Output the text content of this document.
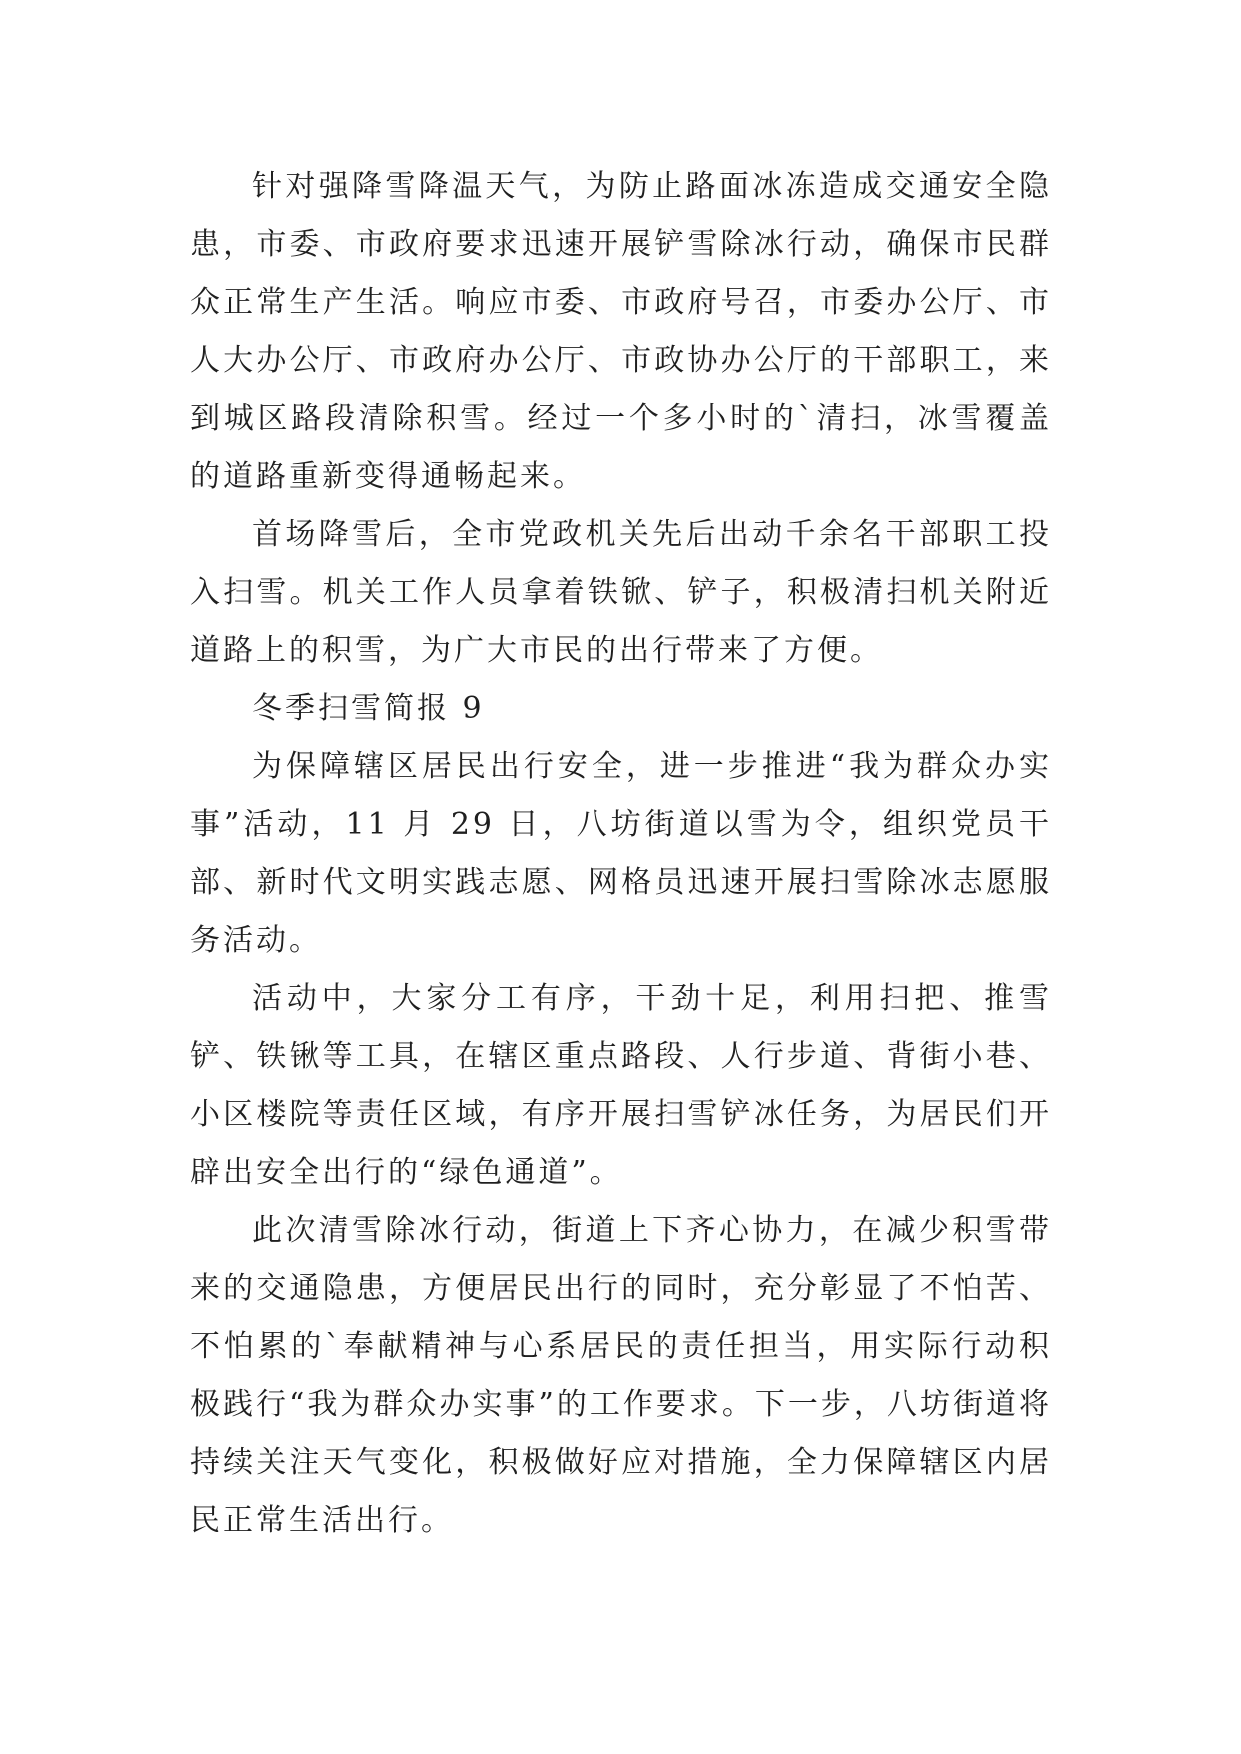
针对强降雪降温天气，为防止路面冰冻造成交通安全隐患，市委、市政府要求迅速开展铲雪除冰行动，确保市民群众正常生产生活。响应市委、市政府号召，市委办公厅、市人大办公厅、市政府办公厅、市政协办公厅的干部职工，来到城区路段清除积雪。经过一个多小时的`清扫，冰雪覆盖的道路重新变得通畅起来。

首场降雪后，全市党政机关先后出动千余名干部职工投入扫雪。机关工作人员拿着铁锨、铲子，积极清扫机关附近道路上的积雪，为广大市民的出行带来了方便。

冬季扫雪简报 9

为保障辖区居民出行安全，进一步推进“我为群众办实事”活动，11 月 29 日，八坊街道以雪为令，组织党员干部、新时代文明实践志愿、网格员迅速开展扫雪除冰志愿服务活动。

活动中，大家分工有序，干劲十足，利用扫把、推雪铲、铁锹等工具，在辖区重点路段、人行步道、背街小巷、小区楼院等责任区域，有序开展扫雪铲冰任务，为居民们开辟出安全出行的“绿色通道”。

此次清雪除冰行动，街道上下齐心协力，在减少积雪带来的交通隐患，方便居民出行的同时，充分彰显了不怕苦、不怕累的`奉献精神与心系居民的责任担当，用实际行动积极践行“我为群众办实事”的工作要求。下一步，八坊街道将持续关注天气变化，积极做好应对措施，全力保障辖区内居民正常生活出行。
